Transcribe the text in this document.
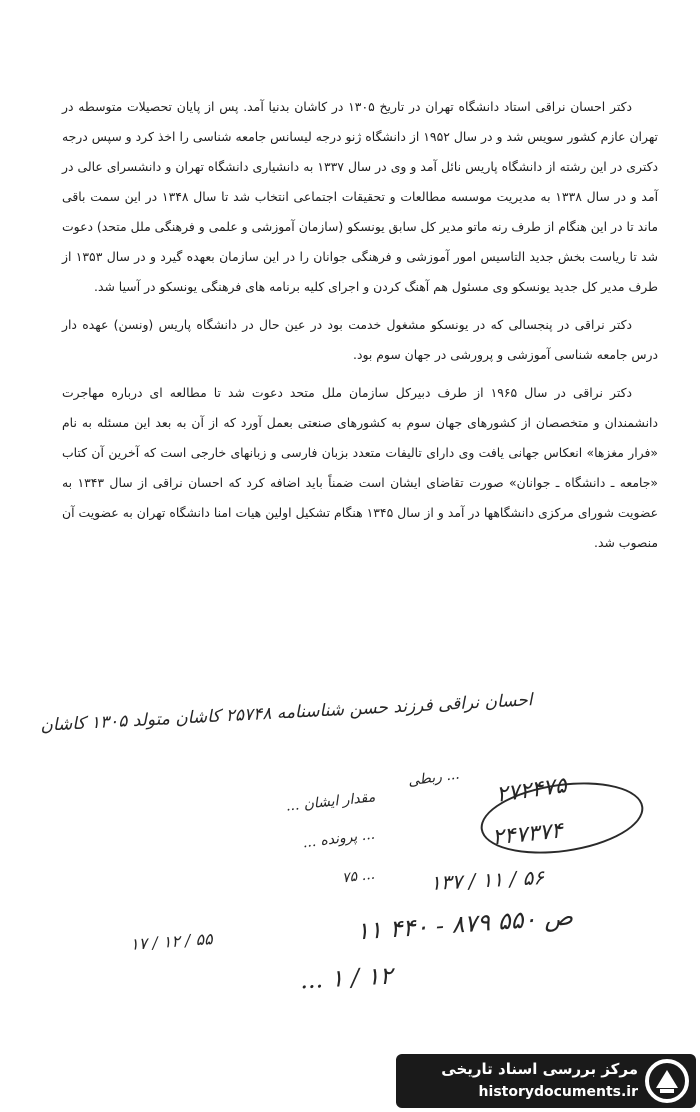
دکتر احسان نراقی استاد دانشگاه تهران در تاریخ ۱۳۰۵ در کاشان بدنیا آمد. پس از پایان تحصیلات متوسطه در تهران عازم کشور سویس شد و در سال ۱۹۵۲ از دانشگاه ژنو درجه لیسانس جامعه شناسی را اخذ کرد و سپس درجه دکتری در این رشته از دانشگاه پاریس نائل آمد و وی در سال ۱۳۳۷ به دانشیاری دانشگاه تهران و دانشسرای عالی در آمد و در سال ۱۳۳۸ به مدیریت موسسه مطالعات و تحقیقات اجتماعی انتخاب شد تا سال ۱۳۴۸ در این سمت باقی ماند تا در این هنگام از طرف رنه ماتو مدیر کل سابق یونسکو (سازمان آموزشی و علمی و فرهنگی ملل متحد) دعوت شد تا ریاست بخش جدید التاسیس امور آموزشی و فرهنگی جوانان را در این سازمان بعهده گیرد و در سال ۱۳۵۳ از طرف مدیر کل جدید یونسکو وی مسئول هم آهنگ کردن و اجرای کلیه برنامه های فرهنگی یونسکو در آسیا شد.

دکتر نراقی در پنجسالی که در یونسکو مشغول خدمت بود در عین حال در دانشگاه پاریس (ونسن) عهده دار درس جامعه شناسی آموزشی و پرورشی در جهان سوم بود.

دکتر نراقی در سال ۱۹۶۵ از طرف دبیرکل سازمان ملل متحد دعوت شد تا مطالعه ای درباره مهاجرت دانشمندان و متخصصان از کشورهای جهان سوم به کشورهای صنعتی بعمل آورد که از آن به بعد این مسئله به نام «فرار مغزها» انعکاس جهانی یافت وی دارای تالیفات متعدد بزبان فارسی و زبانهای خارجی است که آخرین آن کتاب «جامعه ـ دانشگاه ـ جوانان» صورت تقاضای ایشان است ضمناً باید اضافه کرد که احسان نراقی از سال ۱۳۴۳ به عضویت شورای مرکزی دانشگاهها در آمد و از سال ۱۳۴۵ هنگام تشکیل اولین هیات امنا دانشگاه تهران به عضویت آن منصوب شد.

احسان نراقی فرزند حسن شناسنامه ۲۵۷۴۸ کاشان متولد ۱۳۰۵ کاشان
مقدار ایشان ...
... پرونده ...
... ۷۵
۱۷ / ۱۲ / ۵۵
... ربطی ۲۷۲۴۷۵
۲۴۷۳۷۴
۱۳۷ / ۱۱ / ۵۶
۱۱ ص ۵۵۰ ۸۷۹ - ۴۴۰
۱۲ / ۱ ...
مرکز بررسی اسناد تاریخی
historydocuments.ir
